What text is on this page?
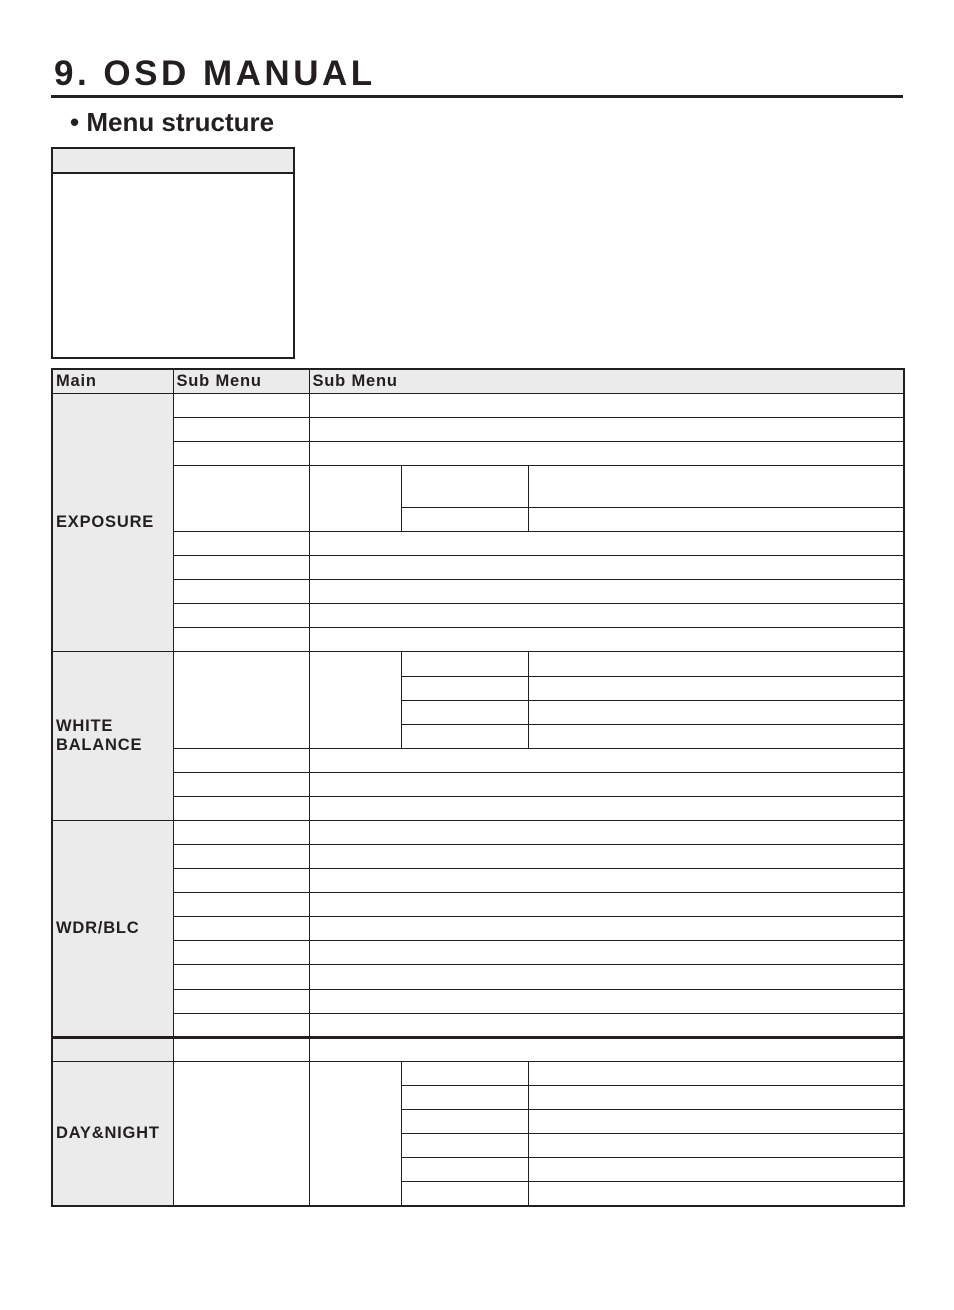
9. OSD MANUAL
• Menu structure
Main	Sub Menu	Sub Menu		
EXPOSURE				

WHITE BALANCE				

WDR/BLC				

DAY&NIGHT				
